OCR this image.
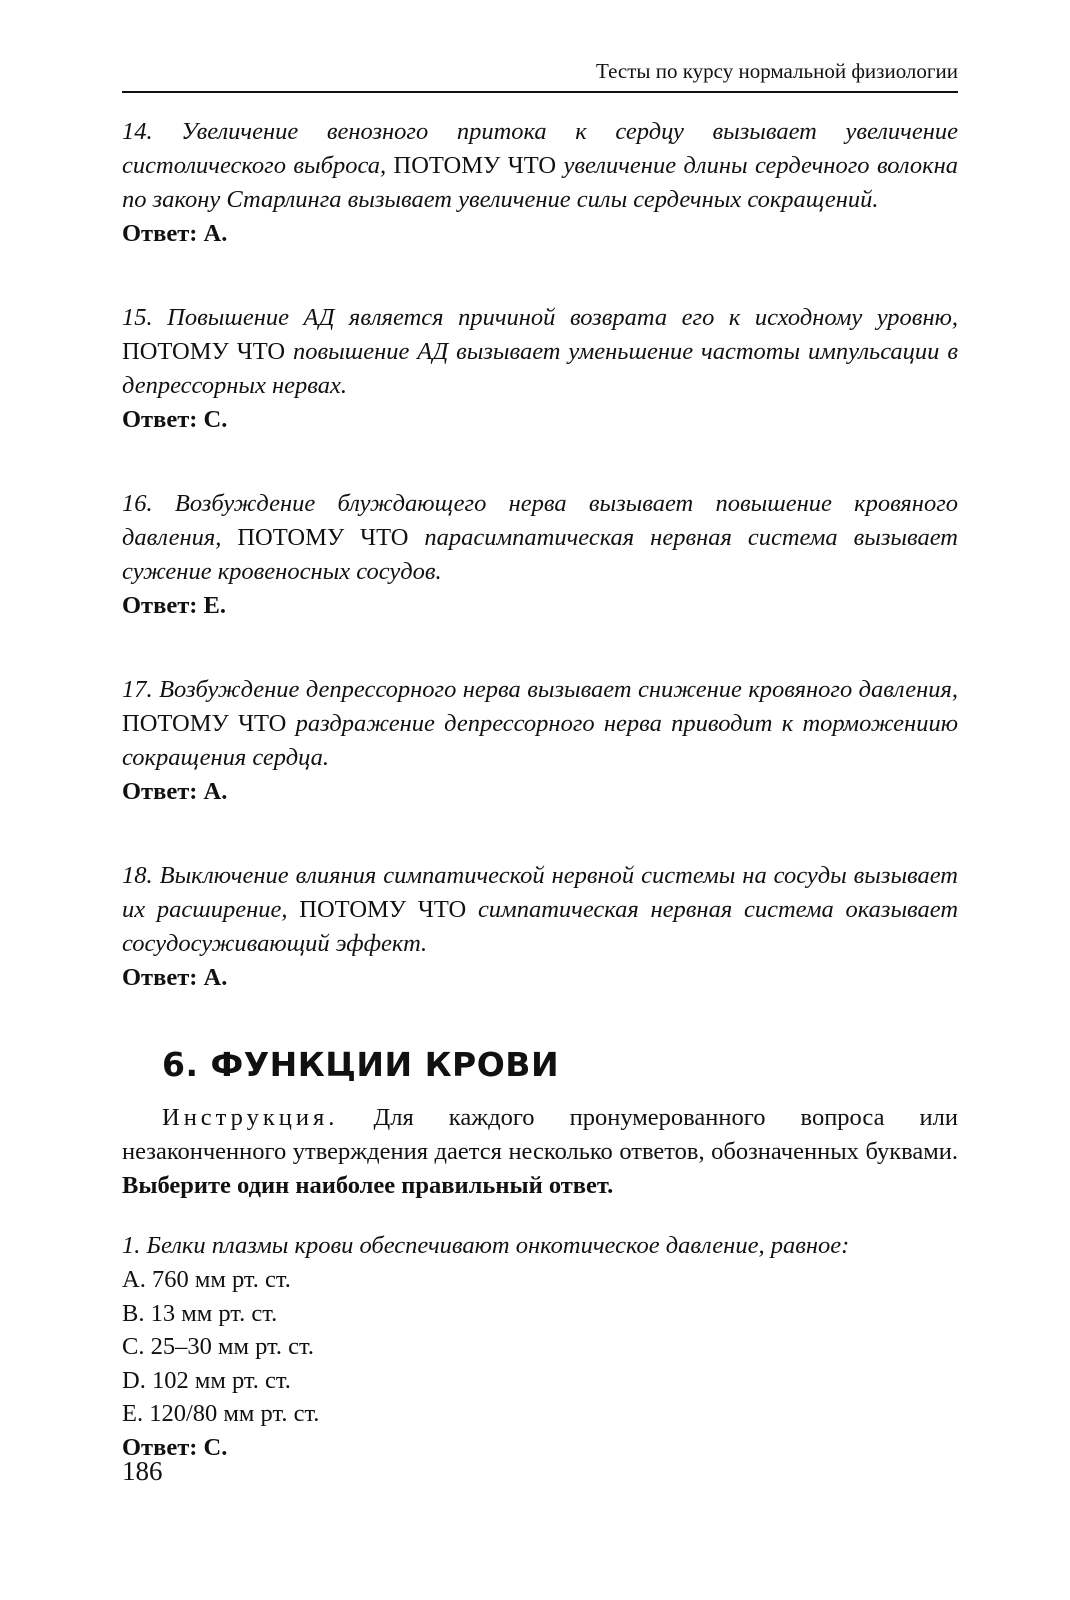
Тесты по курсу нормальной физиологии

14. Увеличение венозного притока к сердцу вызывает увеличение систолического выброса, ПОТОМУ ЧТО увеличение длины сердечного волокна по закону Старлинга вызывает увеличение силы сердечных сокращений.

Ответ: А.

15. Повышение АД является причиной возврата его к исходному уровню, ПОТОМУ ЧТО повышение АД вызывает уменьшение частоты импульсации в депрессорных нервах.

Ответ: С.

16. Возбуждение блуждающего нерва вызывает повышение кровяного давления, ПОТОМУ ЧТО парасимпатическая нервная система вызывает сужение кровеносных сосудов.

Ответ: Е.

17. Возбуждение депрессорного нерва вызывает снижение кровяного давления, ПОТОМУ ЧТО раздражение депрессорного нерва приводит к торможениию сокращения сердца.

Ответ: А.

18. Выключение влияния симпатической нервной системы на сосуды вызывает их расширение, ПОТОМУ ЧТО симпатическая нервная система оказывает сосудосуживающий эффект.

Ответ: А.

6. ФУНКЦИИ КРОВИ

Инструкция. Для каждого пронумерованного вопроса или незаконченного утверждения дается несколько ответов, обозначенных буквами. Выберите один наиболее правильный ответ.

1. Белки плазмы крови обеспечивают онкотическое давление, равное:

A. 760 мм рт. ст.
B. 13 мм рт. ст.
C. 25–30 мм рт. ст.
D. 102 мм рт. ст.
E. 120/80 мм рт. ст.

Ответ: С.

186
